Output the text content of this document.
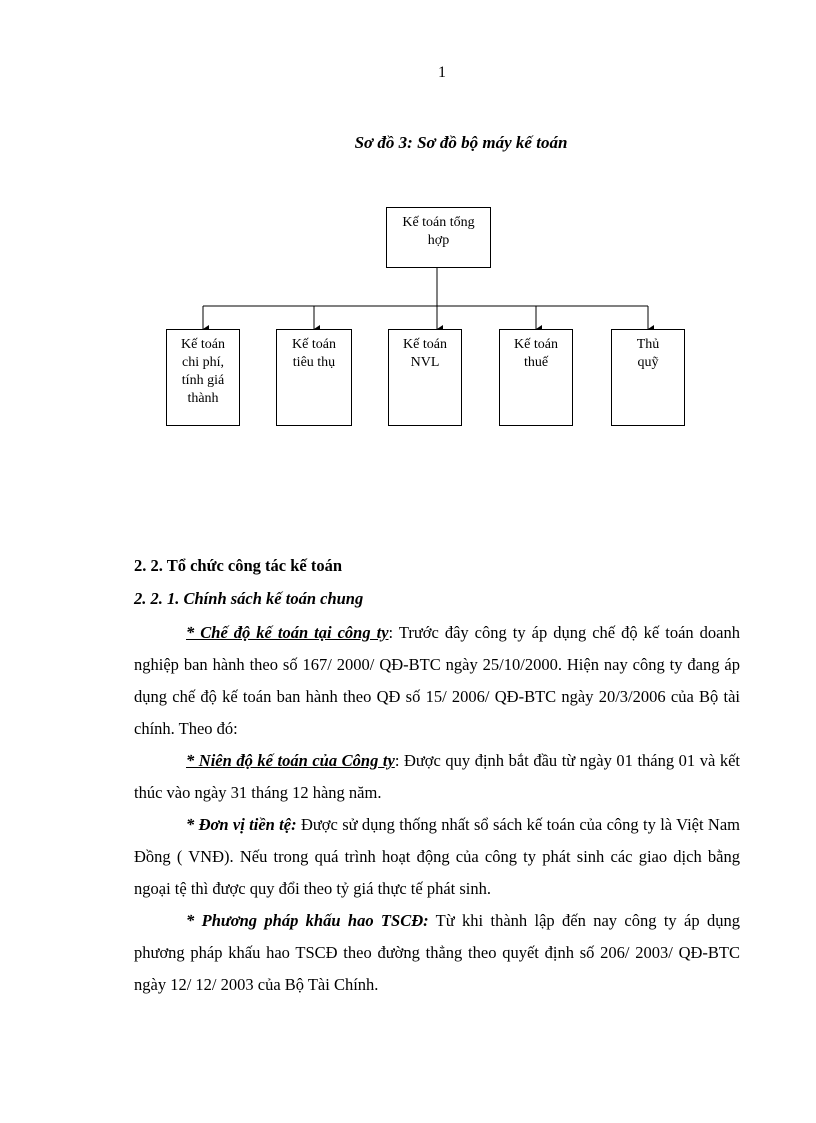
1
Sơ đồ 3: Sơ đồ bộ máy kế toán
Kế toán tổng
hợp
Kế toán
chi phí,
tính giá
thành
Kế toán
tiêu thụ
Kế toán
NVL
Kế toán
thuế
Thủ
quỹ
2. 2. Tổ chức công tác kế toán
2. 2. 1. Chính sách kế toán chung
* Chế độ kế toán tại công ty: Trước đây công ty áp dụng chế độ kế toán doanh nghiệp ban hành theo số 167/ 2000/ QĐ-BTC ngày 25/10/2000. Hiện nay công ty đang áp dụng chế độ kế toán ban hành theo QĐ số 15/ 2006/ QĐ-BTC ngày 20/3/2006 của Bộ tài chính. Theo đó:
* Niên độ kế toán của Công ty: Được quy định bắt đầu từ ngày 01 tháng 01 và kết thúc vào ngày 31 tháng 12 hàng năm.
* Đơn vị tiền tệ: Được sử dụng thống nhất sổ sách kế toán của công ty là Việt Nam Đồng ( VNĐ). Nếu trong quá trình hoạt động của công ty phát sinh các giao dịch bằng ngoại tệ thì được quy đổi theo tỷ giá thực tế phát sinh.
* Phương pháp khấu hao TSCĐ: Từ khi thành lập đến nay công ty áp dụng phương pháp khấu hao TSCĐ theo đường thẳng theo quyết định số 206/ 2003/ QĐ-BTC ngày 12/ 12/ 2003 của Bộ Tài Chính.
